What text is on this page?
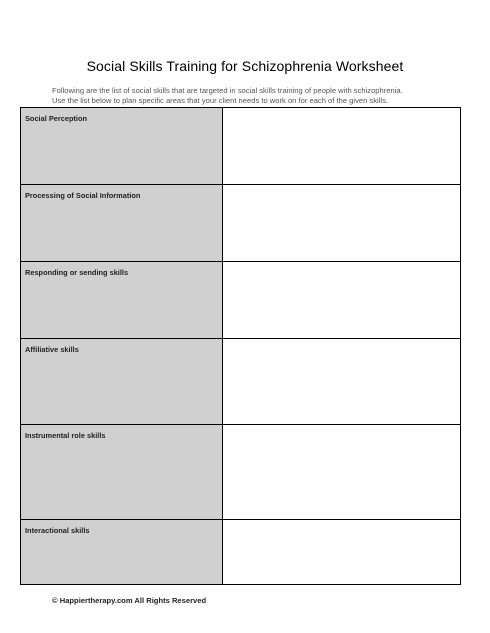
Social Skills Training for Schizophrenia Worksheet

Following are the list of social skills that are targeted in social skills training of people with schizophrenia.

Use the list below to plan specific areas that your client needs to work on for each of the given skills.

Social Perception
Processing of Social Information
Responding or sending skills
Affiliative skills
Instrumental role skills
Interactional skills
© Happiertherapy.com All Rights Reserved
